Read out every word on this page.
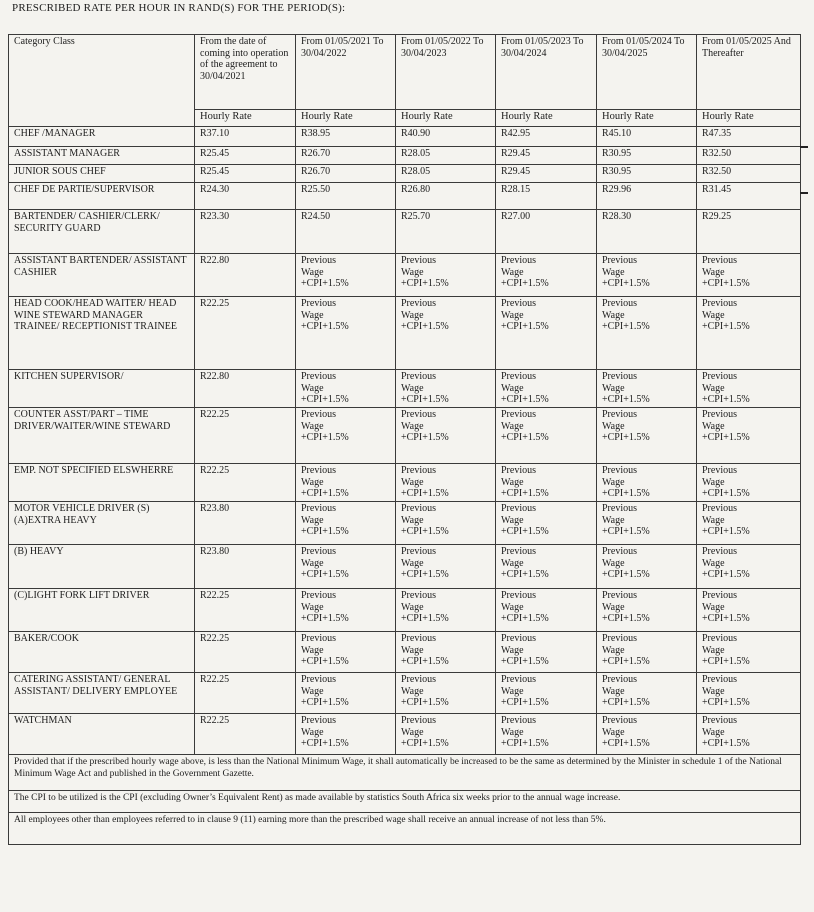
PRESCRIBED RATE PER HOUR IN RAND(S) FOR THE PERIOD(S):
Category Class	From the date of coming into operation of the agreement to 30/04/2021	From 01/05/2021 To 30/04/2022	From 01/05/2022 To 30/04/2023	From 01/05/2023 To 30/04/2024	From 01/05/2024 To 30/04/2025	From 01/05/2025 And Thereafter
	Hourly Rate	Hourly Rate	Hourly Rate	Hourly Rate	Hourly Rate	Hourly Rate
CHEF /MANAGER	R37.10	R38.95	R40.90	R42.95	R45.10	R47.35
ASSISTANT MANAGER	R25.45	R26.70	R28.05	R29.45	R30.95	R32.50
JUNIOR SOUS CHEF	R25.45	R26.70	R28.05	R29.45	R30.95	R32.50
CHEF DE PARTIE/SUPERVISOR	R24.30	R25.50	R26.80	R28.15	R29.96	R31.45
BARTENDER/ CASHIER/CLERK/ SECURITY GUARD	R23.30	R24.50	R25.70	R27.00	R28.30	R29.25
ASSISTANT BARTENDER/ ASSISTANT CASHIER	R22.80	Previous
Wage
+CPI+1.5%	Previous
Wage
+CPI+1.5%	Previous
Wage
+CPI+1.5%	Previous
Wage
+CPI+1.5%	Previous
Wage
+CPI+1.5%

HEAD COOK/HEAD WAITER/ HEAD WINE STEWARD MANAGER TRAINEE/ RECEPTIONIST TRAINEE	R22.25	Previous
Wage
+CPI+1.5%	Previous
Wage
+CPI+1.5%	Previous
Wage
+CPI+1.5%	Previous
Wage
+CPI+1.5%	Previous
Wage
+CPI+1.5%

KITCHEN SUPERVISOR/	R22.80	Previous
Wage
+CPI+1.5%	Previous
Wage
+CPI+1.5%	Previous
Wage
+CPI+1.5%	Previous
Wage
+CPI+1.5%	Previous
Wage
+CPI+1.5%

COUNTER ASST/PART – TIME DRIVER/WAITER/WINE STEWARD	R22.25	Previous
Wage
+CPI+1.5%	Previous
Wage
+CPI+1.5%	Previous
Wage
+CPI+1.5%	Previous
Wage
+CPI+1.5%	Previous
Wage
+CPI+1.5%

EMP. NOT SPECIFIED ELSWHERRE	R22.25	Previous
Wage
+CPI+1.5%	Previous
Wage
+CPI+1.5%	Previous
Wage
+CPI+1.5%	Previous
Wage
+CPI+1.5%	Previous
Wage
+CPI+1.5%

MOTOR VEHICLE DRIVER (S) (A)EXTRA HEAVY	R23.80	Previous
Wage
+CPI+1.5%	Previous
Wage
+CPI+1.5%	Previous
Wage
+CPI+1.5%	Previous
Wage
+CPI+1.5%	Previous
Wage
+CPI+1.5%

(B) HEAVY	R23.80	Previous
Wage
+CPI+1.5%	Previous
Wage
+CPI+1.5%	Previous
Wage
+CPI+1.5%	Previous
Wage
+CPI+1.5%	Previous
Wage
+CPI+1.5%

(C)LIGHT FORK LIFT DRIVER	R22.25	Previous
Wage
+CPI+1.5%	Previous
Wage
+CPI+1.5%	Previous
Wage
+CPI+1.5%	Previous
Wage
+CPI+1.5%	Previous
Wage
+CPI+1.5%

BAKER/COOK	R22.25	Previous
Wage
+CPI+1.5%	Previous
Wage
+CPI+1.5%	Previous
Wage
+CPI+1.5%	Previous
Wage
+CPI+1.5%	Previous
Wage
+CPI+1.5%

CATERING ASSISTANT/ GENERAL ASSISTANT/ DELIVERY EMPLOYEE	R22.25	Previous
Wage
+CPI+1.5%	Previous
Wage
+CPI+1.5%	Previous
Wage
+CPI+1.5%	Previous
Wage
+CPI+1.5%	Previous
Wage
+CPI+1.5%

WATCHMAN	R22.25	Previous
Wage
+CPI+1.5%	Previous
Wage
+CPI+1.5%	Previous
Wage
+CPI+1.5%	Previous
Wage
+CPI+1.5%	Previous
Wage
+CPI+1.5%

Provided that if the prescribed hourly wage above, is less than the National Minimum Wage, it shall automatically be increased to be the same as determined by the Minister in schedule 1 of the National Minimum Wage Act and published in the Government Gazette.						
The CPI to be utilized is the CPI (excluding Owner’s Equivalent Rent) as made available by statistics South Africa six weeks prior to the annual wage increase.						
All employees other than employees referred to in clause 9 (11) earning more than the prescribed wage shall receive an annual increase of not less than 5%.						
